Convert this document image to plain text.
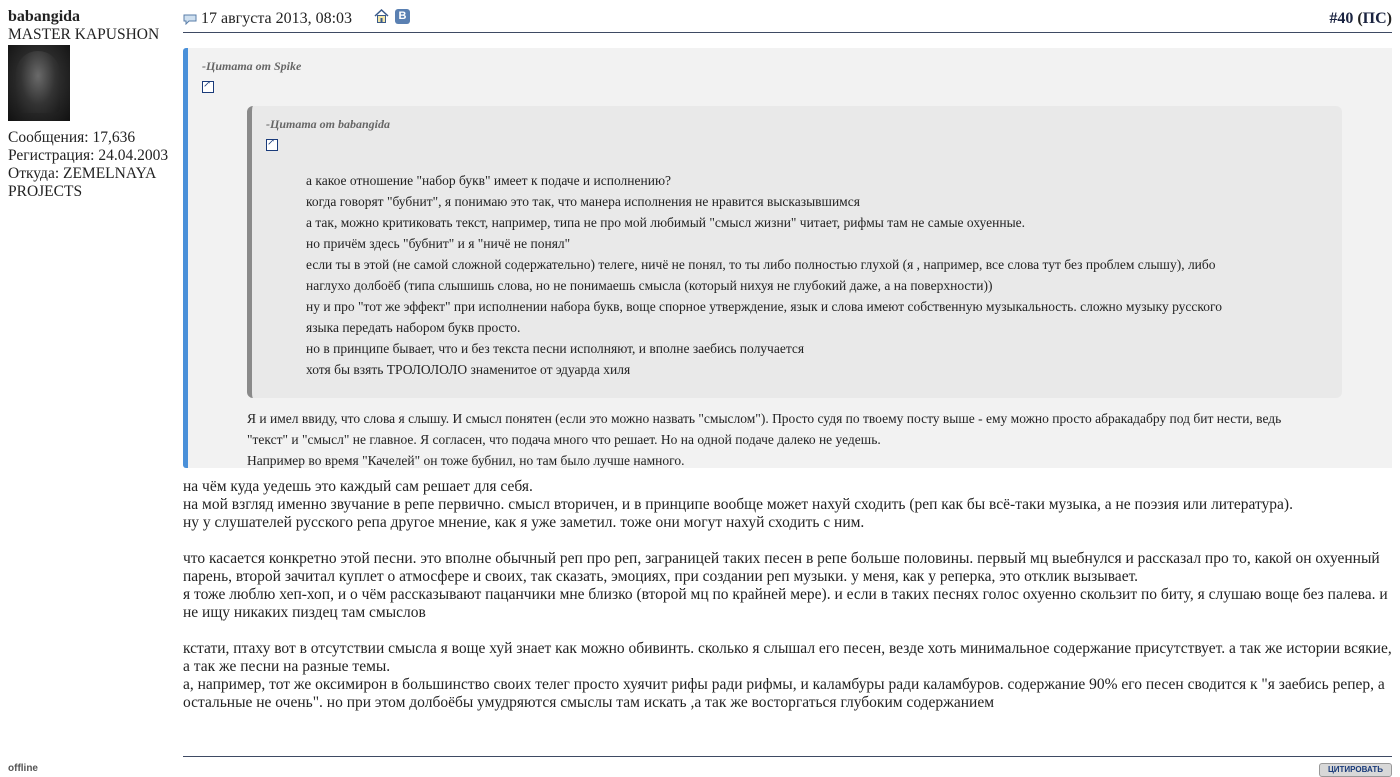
babangida
MASTER KAPUSHON
Сообщения: 17,636
Регистрация: 24.04.2003
Откуда: ZEMELNAYA PROJECTS
offline
17 августа 2013, 08:03	В	#40 (ПС)
-Цитата от Spike
↗
-Цитата от babangida
↗
а какое отношение "набор букв" имеет к подаче и исполнению?
когда говорят "бубнит", я понимаю это так, что манера исполнения не нравится высказывшимся
а так, можно критиковать текст, например, типа не про мой любимый "смысл жизни" читает, рифмы там не самые охуенные.
но причём здесь "бубнит" и я "ничё не понял"
если ты в этой (не самой сложной содержательно) телеге, ничё не понял, то ты либо полностью глухой (я , например, все слова тут без проблем слышу), либо
наглухо долбоёб (типа слышишь слова, но не понимаешь смысла (который нихуя не глубокий даже, а на поверхности))
ну и про "тот же эффект" при исполнении набора букв, воще спорное утверждение, язык и слова имеют собственную музыкальность. сложно музыку русского
языка передать набором букв просто.
но в принципе бывает, что и без текста песни исполняют, и вполне заебись получается
хотя бы взять ТРОЛОЛОЛО знаменитое от эдуарда хиля
Я и имел ввиду, что слова я слышу. И смысл понятен (если это можно назвать "смыслом"). Просто судя по твоему посту выше - ему можно просто абракадабру под бит нести, ведь
"текст" и "смысл" не главное. Я согласен, что подача много что решает. Но на одной подаче далеко не уедешь.
Например во время "Качелей" он тоже бубнил, но там было лучше намного.

на чём куда уедешь это каждый сам решает для себя.
на мой взгляд именно звучание в репе первично. смысл вторичен, и в принципе вообще может нахуй сходить (реп как бы всё-таки музыка, а не поэзия или литература).
ну у слушателей русского репа другое мнение, как я уже заметил. тоже они могут нахуй сходить с ним.

что касается конкретно этой песни. это вполне обычный реп про реп, заграницей таких песен в репе больше половины. первый мц выебнулся и рассказал про то, какой он охуенный парень, второй зачитал куплет о атмосфере и своих, так сказать, эмоциях, при создании реп музыки. у меня, как у реперка, это отклик вызывает.
я тоже люблю хеп-хоп, и о чём рассказывают пацанчики мне близко (второй мц по крайней мере). и если в таких песнях голос охуенно скользит по биту, я слушаю воще без палева. и не ищу никаких пиздец там смыслов

кстати, птаху вот в отсутствии смысла я воще хуй знает как можно обивинть. сколько я слышал его песен, везде хоть минимальное содержание присутствует. а так же истории всякие, а так же песни на разные темы.
а, например, тот же оксимирон в большинство своих телег просто хуячит рифы ради рифмы, и каламбуры ради каламбуров. содержание 90% его песен сводится к "я заебись репер, а остальные не очень". но при этом долбоёбы умудряются смыслы там искать ,а так же восторгаться глубоким содержанием

ЦИТИРОВАТЬ
